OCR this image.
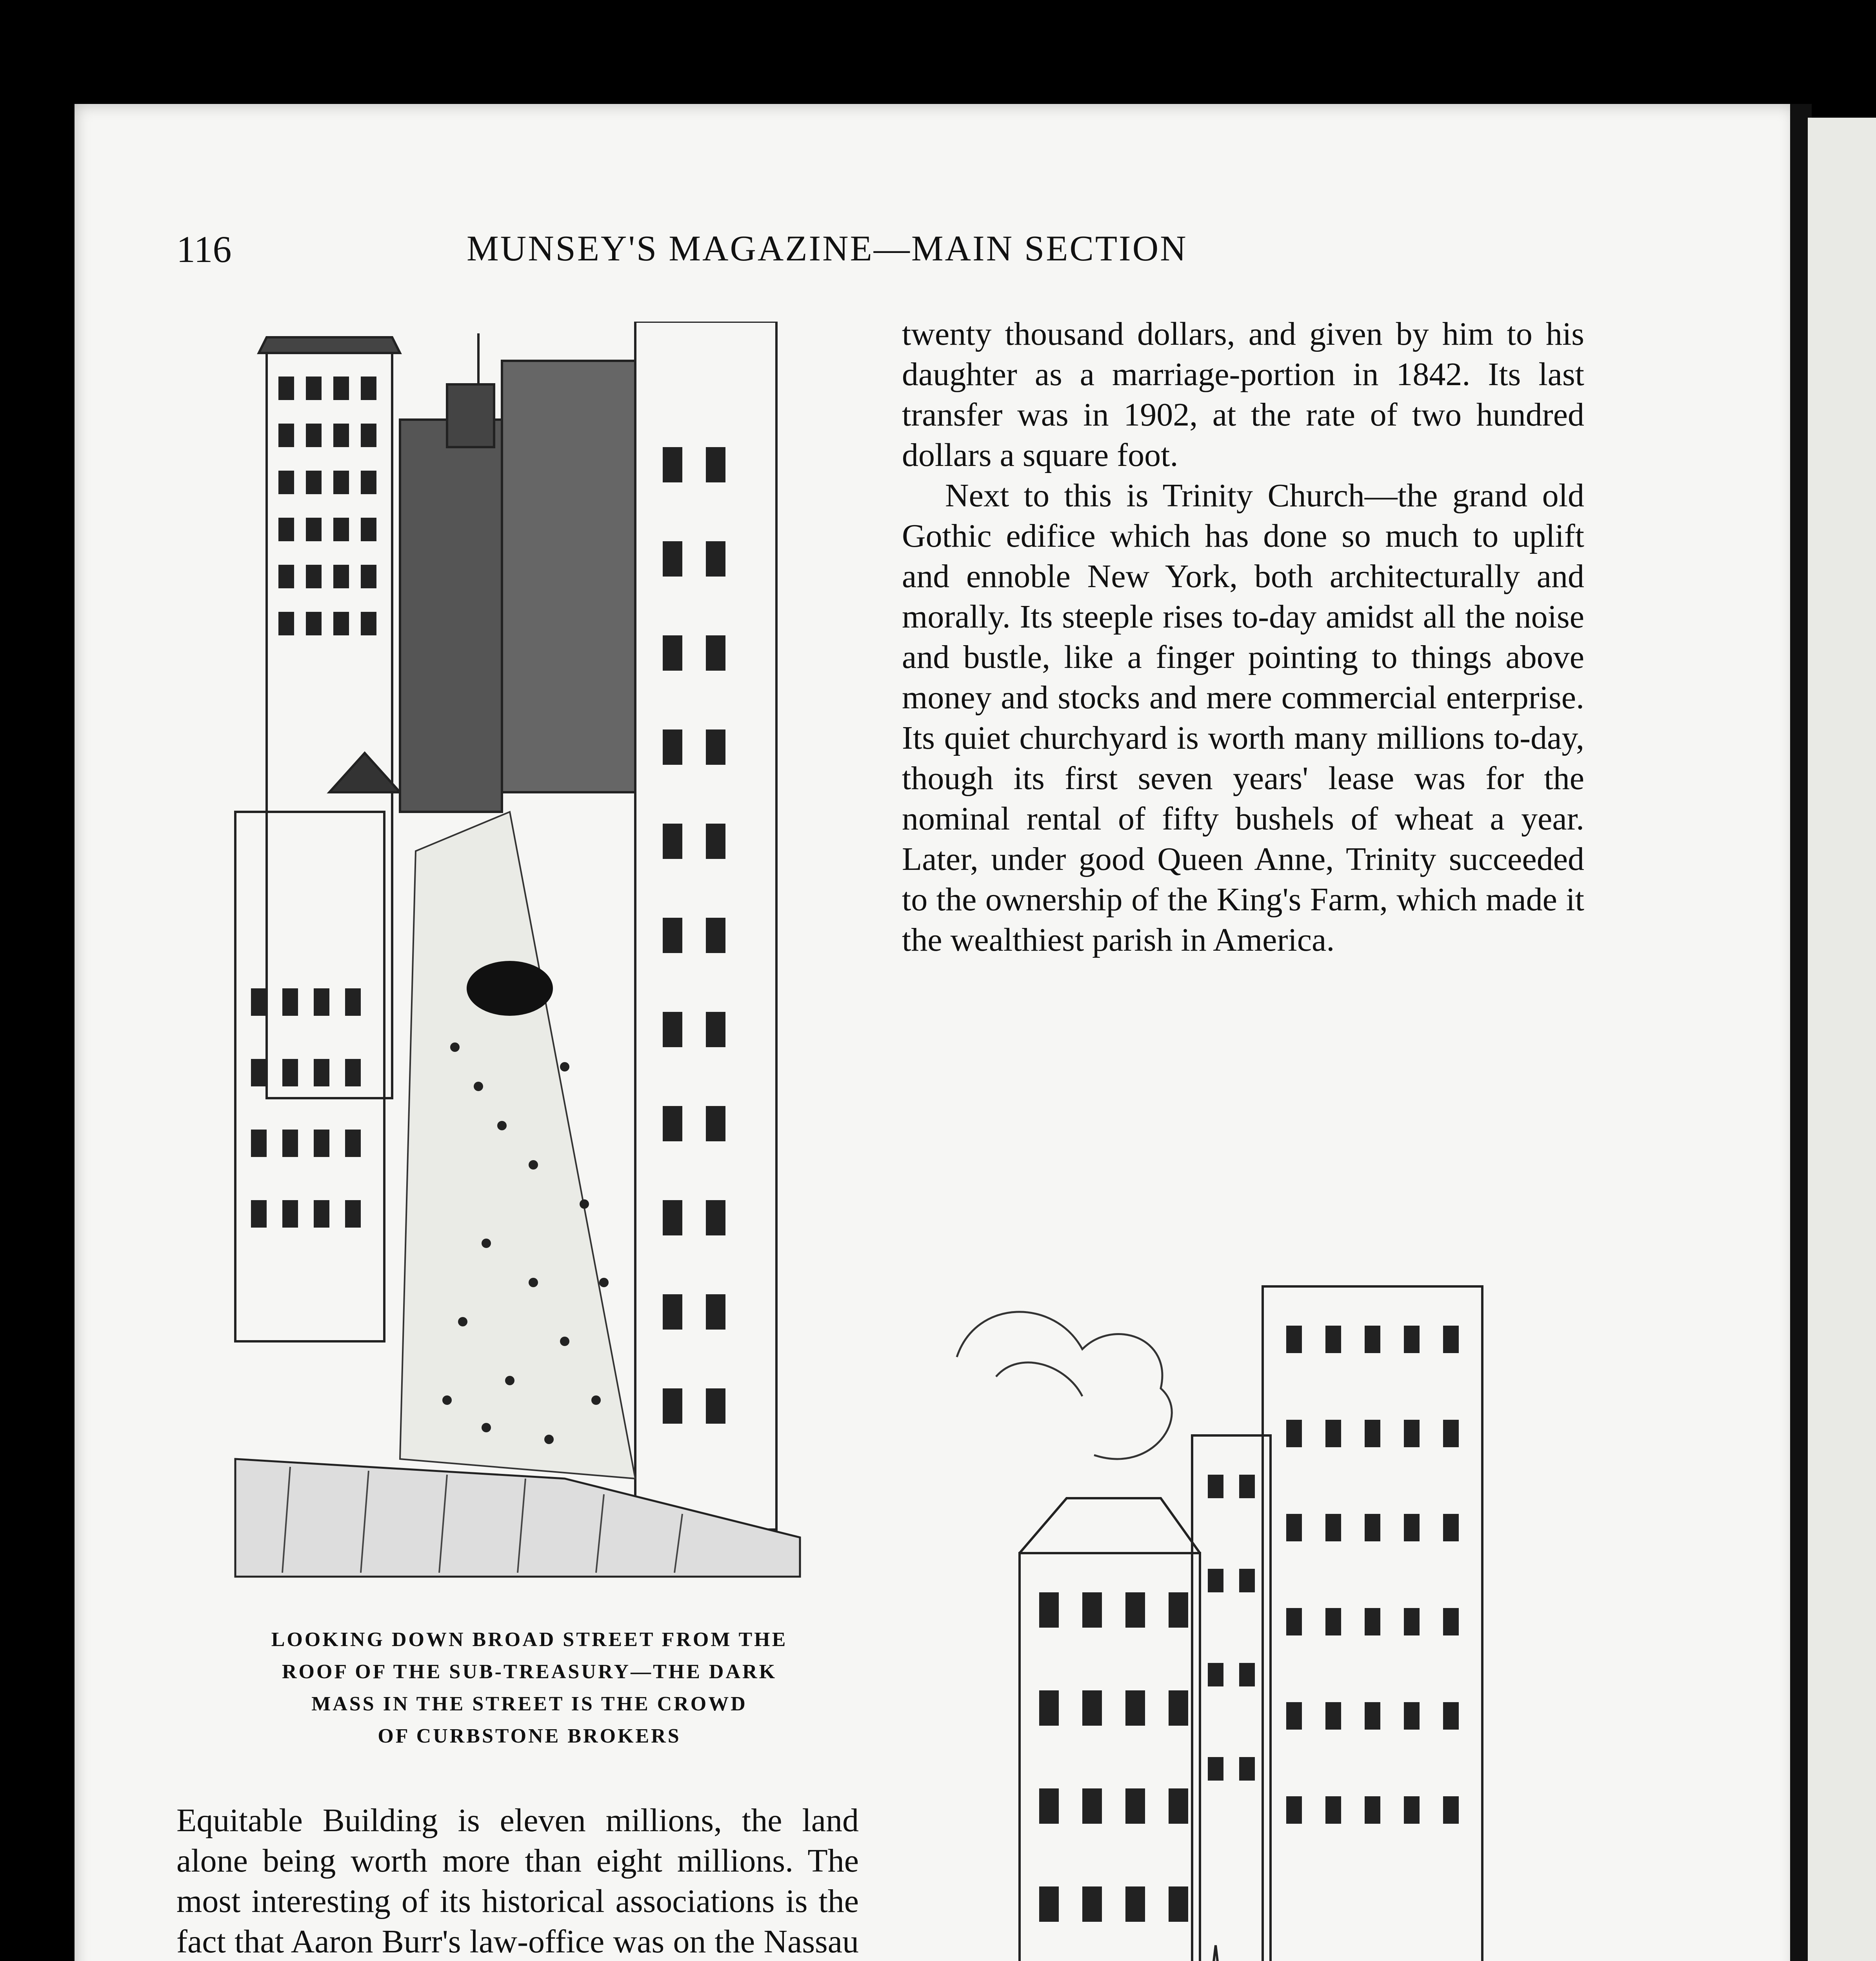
116	MUNSEY'S MAGAZINE—MAIN SECTION
LOOKING DOWN BROAD STREET FROM THE
ROOF OF THE SUB-TREASURY—THE DARK
MASS IN THE STREET IS THE CROWD
OF CURBSTONE BROKERS

twenty thousand dollars, and given by him to his daughter as a marriage-portion in 1842. Its last transfer was in 1902, at the rate of two hundred dollars a square foot.

Next to this is Trinity Church—the grand old Gothic edifice which has done so much to uplift and ennoble New York, both architecturally and morally. Its steeple rises to-day amidst all the noise and bustle, like a finger pointing to things above money and stocks and mere commercial enterprise. Its quiet churchyard is worth many millions to-day, though its first seven years' lease was for the nominal rental of fifty bushels of wheat a year. Later, under good Queen Anne, Trinity succeeded to the ownership of the King's Farm, which made it the wealthiest parish in America.

Equitable Building is eleven millions, the land alone being worth more than eight millions. The most interesting of its historical associations is the fact that Aaron Burr's law-office was on the Nassau
